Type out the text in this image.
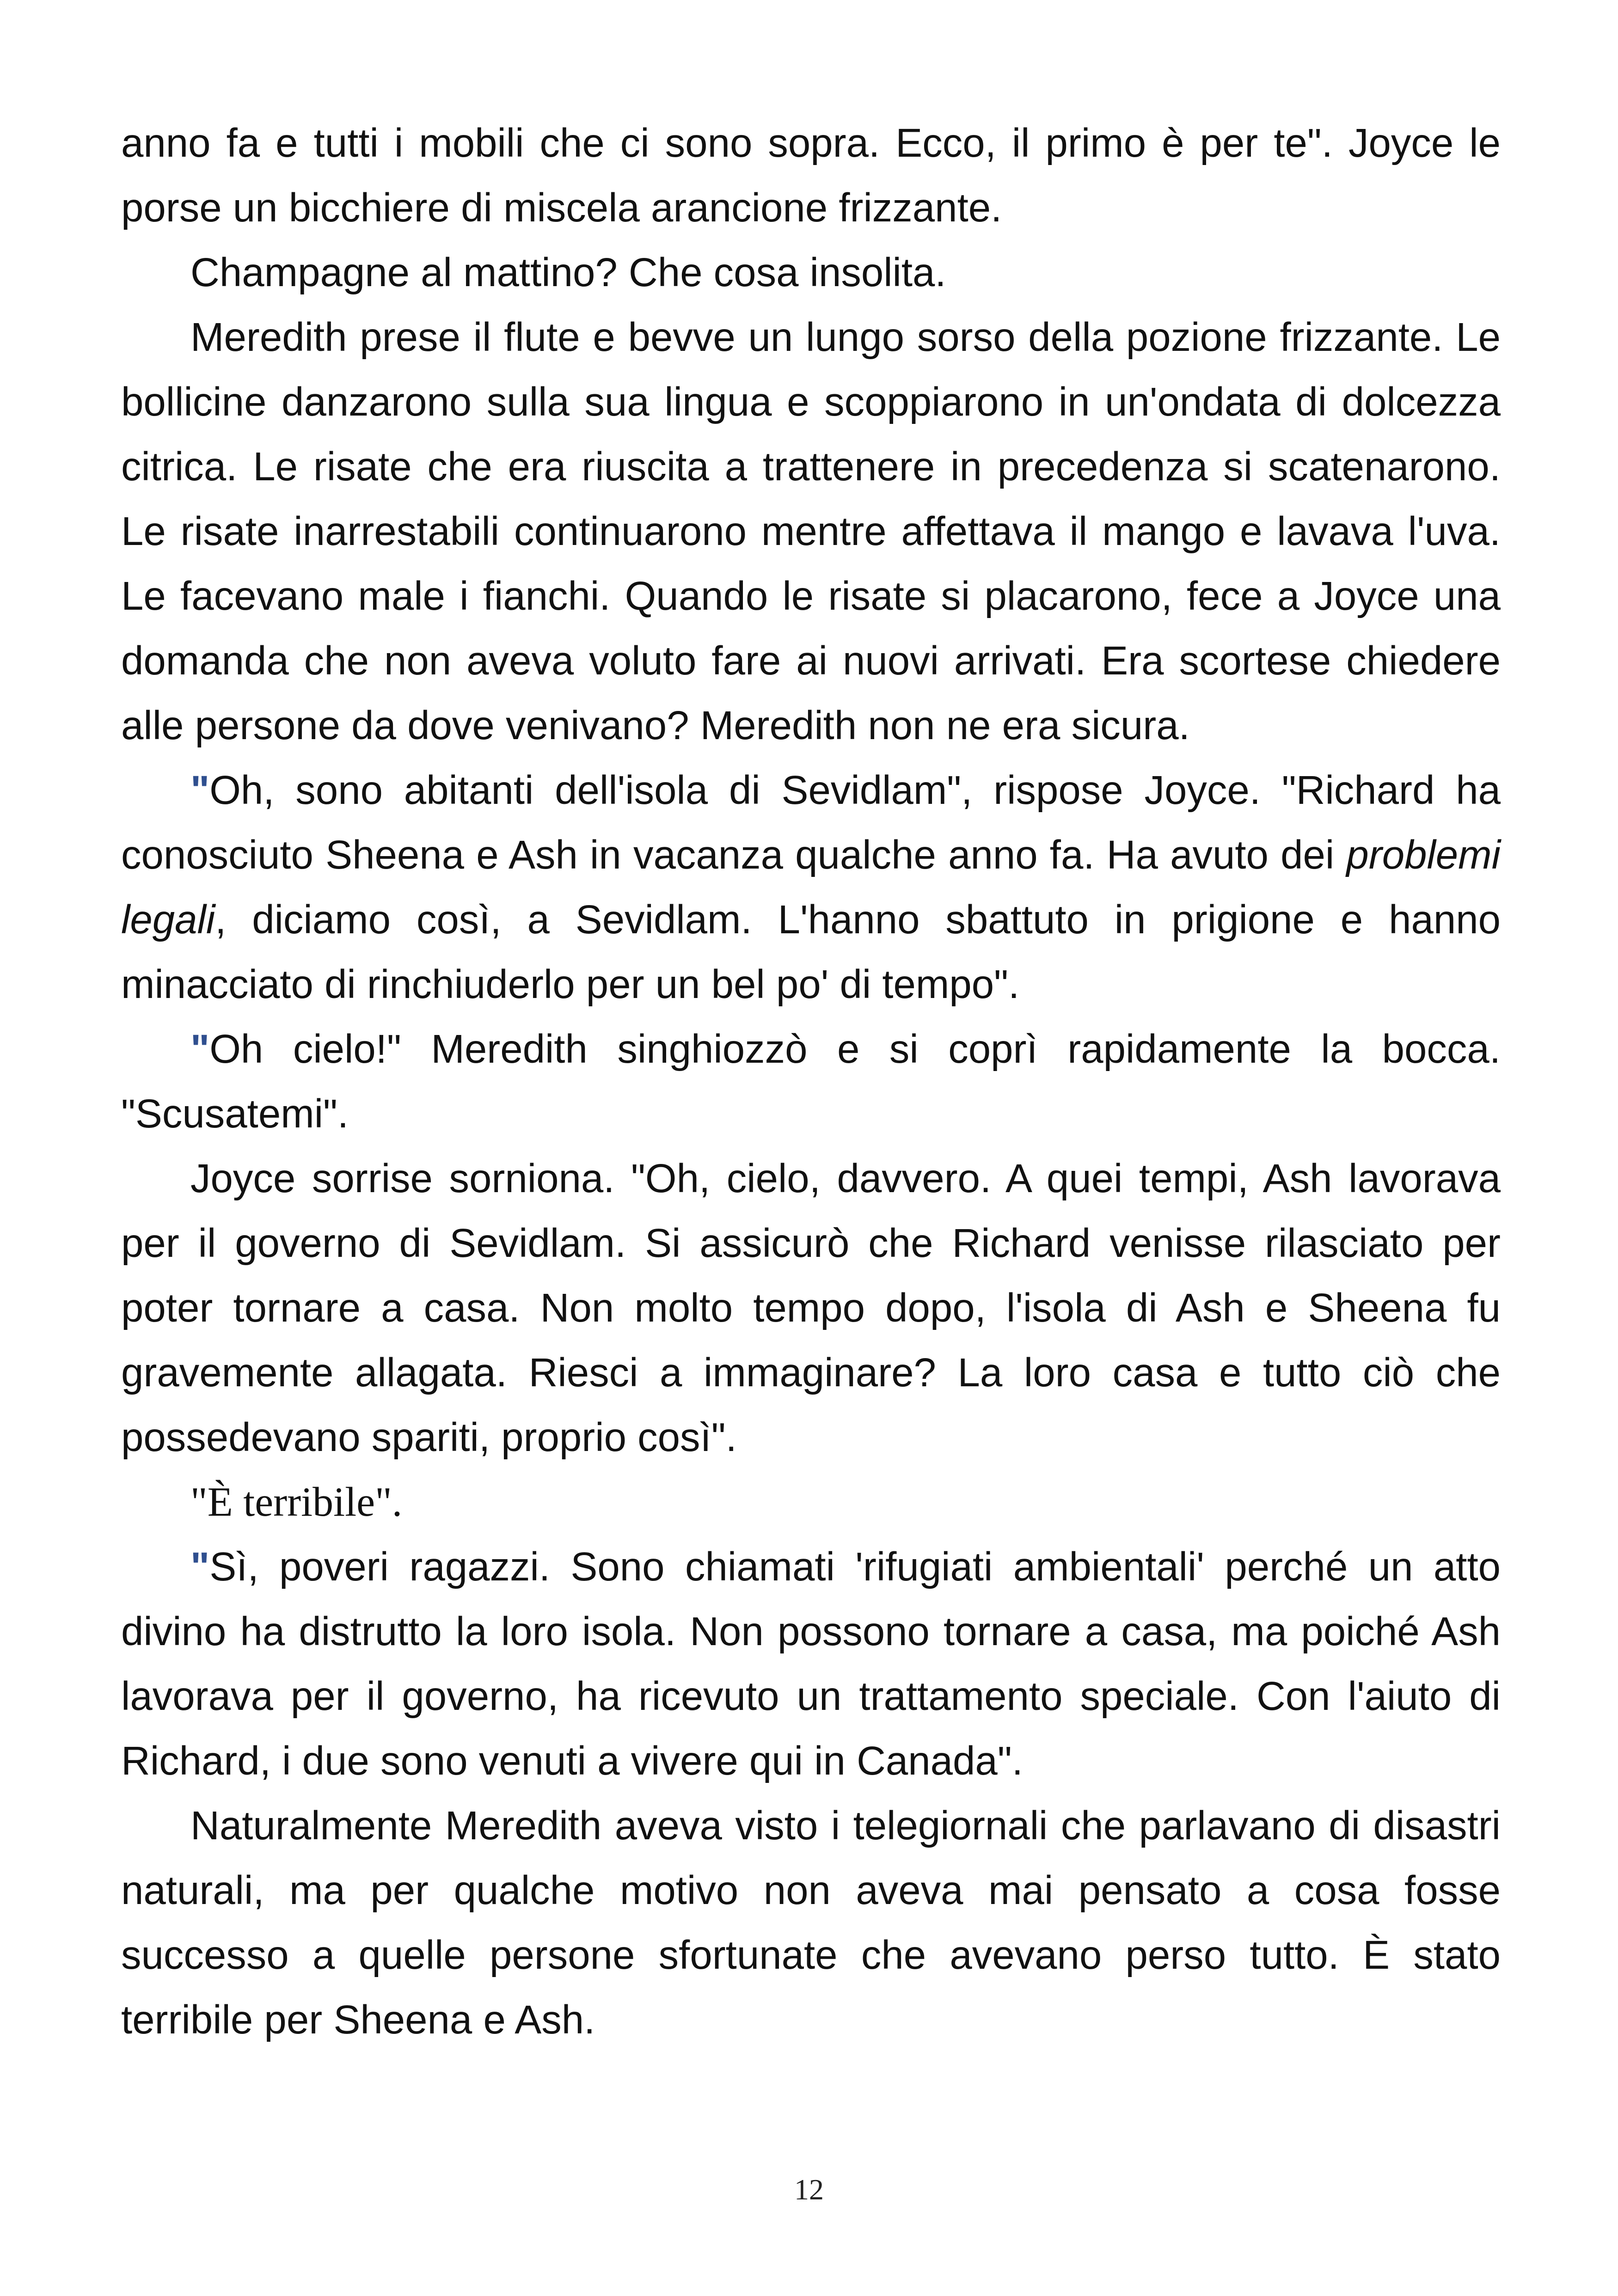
anno fa e tutti i mobili che ci sono sopra. Ecco, il primo è per te". Joyce le porse un bicchiere di miscela arancione frizzante.

Champagne al mattino? Che cosa insolita.

Meredith prese il flute e bevve un lungo sorso della pozione frizzante. Le bollicine danzarono sulla sua lingua e scoppiarono in un'ondata di dolcezza citrica. Le risate che era riuscita a trattenere in precedenza si scatenarono. Le risate inarrestabili continuarono mentre affettava il mango e lavava l'uva. Le facevano male i fianchi. Quando le risate si placarono, fece a Joyce una domanda che non aveva voluto fare ai nuovi arrivati. Era scortese chiedere alle persone da dove venivano? Meredith non ne era sicura.

"Oh, sono abitanti dell'isola di Sevidlam", rispose Joyce. "Richard ha conosciuto Sheena e Ash in vacanza qualche anno fa. Ha avuto dei problemi legali, diciamo così, a Sevidlam. L'hanno sbattuto in prigione e hanno minacciato di rinchiuderlo per un bel po' di tempo".

"Oh cielo!" Meredith singhiozzò e si coprì rapidamente la bocca. "Scusatemi".

Joyce sorrise sorniona. "Oh, cielo, davvero. A quei tempi, Ash lavorava per il governo di Sevidlam. Si assicurò che Richard venisse rilasciato per poter tornare a casa. Non molto tempo dopo, l'isola di Ash e Sheena fu gravemente allagata. Riesci a immaginare? La loro casa e tutto ciò che possedevano spariti, proprio così".

"È terribile".

"Sì, poveri ragazzi. Sono chiamati 'rifugiati ambientali' perché un atto divino ha distrutto la loro isola. Non possono tornare a casa, ma poiché Ash lavorava per il governo, ha ricevuto un trattamento speciale. Con l'aiuto di Richard, i due sono venuti a vivere qui in Canada".

Naturalmente Meredith aveva visto i telegiornali che parlavano di disastri naturali, ma per qualche motivo non aveva mai pensato a cosa fosse successo a quelle persone sfortunate che avevano perso tutto. È stato terribile per Sheena e Ash.

12
